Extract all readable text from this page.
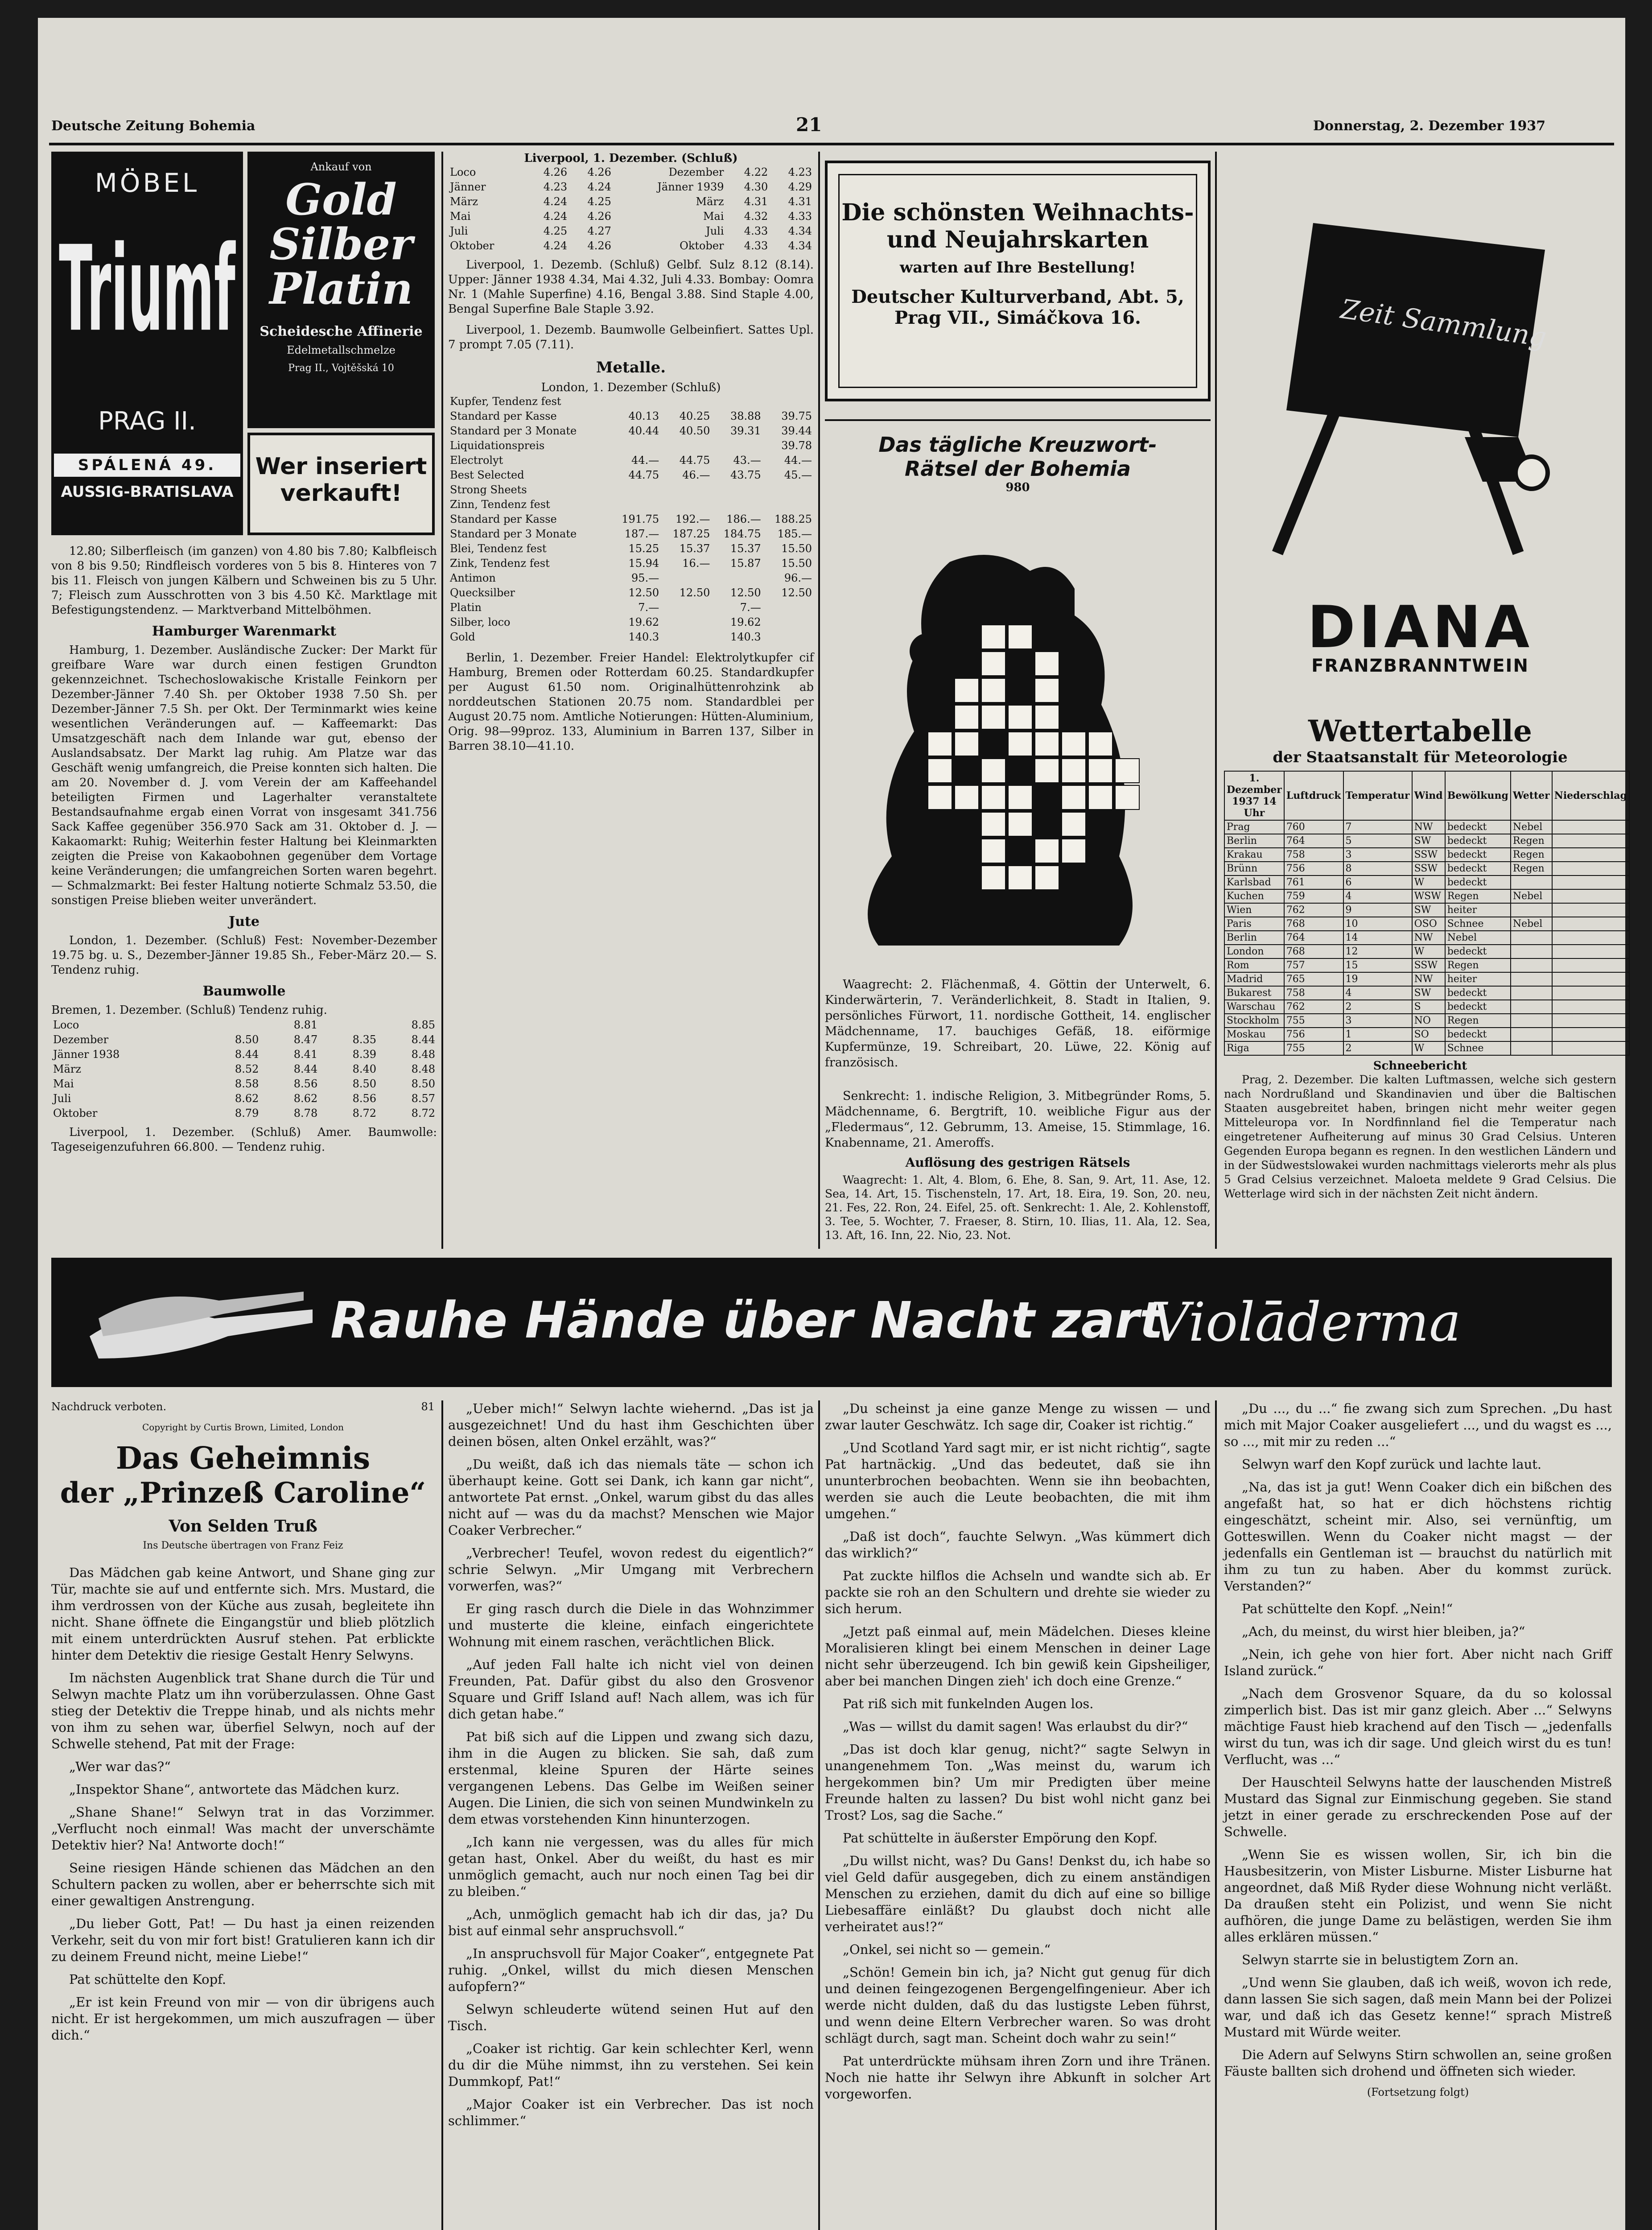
Deutsche Zeitung Bohemia	21	Donnerstag, 2. Dezember 1937
MÖBEL
Triumf
PRAG II.
SPÁLENÁ 49.
AUSSIG-BRATISLAVA
Ankauf von
Gold
Silber
Platin
Scheidesche Affinerie
Edelmetallschmelze
Prag II., Vojtěšská 10
Wer inseriert
verkauft!

12.80; Silberfleisch (im ganzen) von 4.80 bis 7.80; Kalbfleisch von 8 bis 9.50; Rindfleisch vorderes von 5 bis 8. Hinteres von 7 bis 11. Fleisch von jungen Kälbern und Schweinen bis zu 5 Uhr. 7; Fleisch zum Ausschrotten von 3 bis 4.50 Kč. Marktlage mit Befestigungstendenz. — Marktverband Mittelböhmen.

Hamburger Warenmarkt

Hamburg, 1. Dezember. Ausländische Zucker: Der Markt für greifbare Ware war durch einen festigen Grundton gekennzeichnet. Tschechoslowakische Kristalle Feinkorn per Dezember-Jänner 7.40 Sh. per Oktober 1938 7.50 Sh. per Dezember-Jänner 7.5 Sh. per Okt. Der Terminmarkt wies keine wesentlichen Veränderungen auf. — Kaffeemarkt: Das Umsatzgeschäft nach dem Inlande war gut, ebenso der Auslandsabsatz. Der Markt lag ruhig. Am Platze war das Geschäft wenig umfangreich, die Preise konnten sich halten. Die am 20. November d. J. vom Verein der am Kaffeehandel beteiligten Firmen und Lagerhalter veranstaltete Bestandsaufnahme ergab einen Vorrat von insgesamt 341.756 Sack Kaffee gegenüber 356.970 Sack am 31. Oktober d. J. — Kakaomarkt: Ruhig; Weiterhin fester Haltung bei Kleinmarkten zeigten die Preise von Kakaobohnen gegenüber dem Vortage keine Veränderungen; die umfangreichen Sorten waren begehrt. — Schmalzmarkt: Bei fester Haltung notierte Schmalz 53.50, die sonstigen Preise blieben weiter unverändert.

Jute

London, 1. Dezember. (Schluß) Fest: November-Dezember 19.75 bg. u. S., Dezember-Jänner 19.85 Sh., Feber-März 20.— S. Tendenz ruhig.

Baumwolle
Bremen, 1. Dezember. (Schluß) Tendenz ruhig.
Loco		8.81		8.85
Dezember	8.50	8.47	8.35	8.44
Jänner 1938	8.44	8.41	8.39	8.48
März	8.52	8.44	8.40	8.48
Mai	8.58	8.56	8.50	8.50
Juli	8.62	8.62	8.56	8.57
Oktober	8.79	8.78	8.72	8.72

Liverpool, 1. Dezember. (Schluß) Amer. Baumwolle: Tageseigenzufuhren 66.800. — Tendenz ruhig.

Liverpool, 1. Dezember. (Schluß)
Loco	4.26	4.26	Dezember	4.22	4.23
Jänner	4.23	4.24	Jänner 1939	4.30	4.29
März	4.24	4.25	März	4.31	4.31
Mai	4.24	4.26	Mai	4.32	4.33
Juli	4.25	4.27	Juli	4.33	4.34
Oktober	4.24	4.26	Oktober	4.33	4.34

Liverpool, 1. Dezemb. (Schluß) Gelbf. Sulz 8.12 (8.14). Upper: Jänner 1938 4.34, Mai 4.32, Juli 4.33. Bombay: Oomra Nr. 1 (Mahle Superfine) 4.16, Bengal 3.88. Sind Staple 4.00, Bengal Superfine Bale Staple 3.92.

Liverpool, 1. Dezemb. Baumwolle Gelbeinfiert. Sattes Upl. 7 prompt 7.05 (7.11).

Metalle.
London, 1. Dezember (Schluß)
Kupfer, Tendenz fest				
Standard per Kasse	40.13	40.25	38.88	39.75
Standard per 3 Monate	40.44	40.50	39.31	39.44
Liquidationspreis				39.78
Electrolyt	44.—	44.75	43.—	44.—
Best Selected	44.75	46.—	43.75	45.—
Strong Sheets				
Zinn, Tendenz fest				
Standard per Kasse	191.75	192.—	186.—	188.25
Standard per 3 Monate	187.—	187.25	184.75	185.—
Blei, Tendenz fest	15.25	15.37	15.37	15.50
Zink, Tendenz fest	15.94	16.—	15.87	15.50
Antimon	95.—			96.—
Quecksilber	12.50	12.50	12.50	12.50
Platin	7.—		7.—	
Silber, loco	19.62		19.62	
Gold	140.3		140.3	

Berlin, 1. Dezember. Freier Handel: Elektrolytkupfer cif Hamburg, Bremen oder Rotterdam 60.25. Standardkupfer per August 61.50 nom. Originalhüttenrohzink ab norddeutschen Stationen 20.75 nom. Standardblei per August 20.75 nom. Amtliche Notierungen: Hütten-Aluminium, Orig. 98—99proz. 133, Aluminium in Barren 137, Silber in Barren 38.10—41.10.

Die schönsten Weihnachts-
und Neujahrskarten
warten auf Ihre Bestellung!
Deutscher Kulturverband, Abt. 5,
Prag VII., Simáčkova 16.
Das tägliche Kreuzwort-
Rätsel der Bohemia
980

Waagrecht: 2. Flächenmaß, 4. Göttin der Unterwelt, 6. Kinderwärterin, 7. Veränderlichkeit, 8. Stadt in Italien, 9. persönliches Fürwort, 11. nordische Gottheit, 14. englischer Mädchenname, 17. bauchiges Gefäß, 18. eiförmige Kupfermünze, 19. Schreibart, 20. Lüwe, 22. König auf französisch.

Senkrecht: 1. indische Religion, 3. Mitbegründer Roms, 5. Mädchenname, 6. Bergtrift, 10. weibliche Figur aus der „Fledermaus“, 12. Gebrumm, 13. Ameise, 15. Stimmlage, 16. Knabenname, 21. Ameroffs.

Auflösung des gestrigen Rätsels

Waagrecht: 1. Alt, 4. Blom, 6. Ehe, 8. San, 9. Art, 11. Ase, 12. Sea, 14. Art, 15. Tischensteln, 17. Art, 18. Eira, 19. Son, 20. neu, 21. Fes, 22. Ron, 24. Eifel, 25. oft. Senkrecht: 1. Ale, 2. Kohlenstoff, 3. Tee, 5. Wochter, 7. Fraeser, 8. Stirn, 10. Ilias, 11. Ala, 12. Sea, 13. Aft, 16. Inn, 22. Nio, 23. Not.

Zeit Sammlung
DIANA
FRANZBRANNTWEIN
Wettertabelle
der Staatsanstalt für Meteorologie
1. Dezember 1937 14 Uhr	Luftdruck	Temperatur	Wind	Bewölkung	Wetter	Niederschlag
Prag	760	7	NW	bedeckt	Nebel	
Berlin	764	5	SW	bedeckt	Regen	
Krakau	758	3	SSW	bedeckt	Regen	
Brünn	756	8	SSW	bedeckt	Regen	
Karlsbad	761	6	W	bedeckt		
Kuchen	759	4	WSW	Regen	Nebel	
Wien	762	9	SW	heiter		
Paris	768	10	OSO	Schnee	Nebel	
Berlin	764	14	NW	Nebel		
London	768	12	W	bedeckt		
Rom	757	15	SSW	Regen		
Madrid	765	19	NW	heiter		
Bukarest	758	4	SW	bedeckt		
Warschau	762	2	S	bedeckt		
Stockholm	755	3	NO	Regen		
Moskau	756	1	SO	bedeckt		
Riga	755	2	W	Schnee		
Schneebericht

Prag, 2. Dezember. Die kalten Luftmassen, welche sich gestern nach Nordrußland und Skandinavien und über die Baltischen Staaten ausgebreitet haben, bringen nicht mehr weiter gegen Mitteleuropa vor. In Nordfinnland fiel die Temperatur nach eingetretener Aufheiterung auf minus 30 Grad Celsius. Unteren Gegenden Europa begann es regnen. In den westlichen Ländern und in der Südwestslowakei wurden nachmittags vielerorts mehr als plus 5 Grad Celsius verzeichnet. Maloeta meldete 9 Grad Celsius. Die Wetterlage wird sich in der nächsten Zeit nicht ändern.

Rauhe Hände über Nacht zart
Violāderma
Nachdruck verboten.	81
Copyright by Curtis Brown, Limited, London
Das Geheimnis
der „Prinzeß Caroline“
Von Selden Truß
Ins Deutsche übertragen von Franz Feiz

Das Mädchen gab keine Antwort, und Shane ging zur Tür, machte sie auf und entfernte sich. Mrs. Mustard, die ihm verdrossen von der Küche aus zusah, begleitete ihn nicht. Shane öffnete die Eingangstür und blieb plötzlich mit einem unterdrückten Ausruf stehen. Pat erblickte hinter dem Detektiv die riesige Gestalt Henry Selwyns.

Im nächsten Augenblick trat Shane durch die Tür und Selwyn machte Platz um ihn vorüberzulassen. Ohne Gast stieg der Detektiv die Treppe hinab, und als nichts mehr von ihm zu sehen war, überfiel Selwyn, noch auf der Schwelle stehend, Pat mit der Frage:

„Wer war das?“

„Inspektor Shane“, antwortete das Mädchen kurz.

„Shane Shane!“ Selwyn trat in das Vorzimmer. „Verflucht noch einmal! Was macht der unverschämte Detektiv hier? Na! Antworte doch!“

Seine riesigen Hände schienen das Mädchen an den Schultern packen zu wollen, aber er beherrschte sich mit einer gewaltigen Anstrengung.

„Du lieber Gott, Pat! — Du hast ja einen reizenden Verkehr, seit du von mir fort bist! Gratulieren kann ich dir zu deinem Freund nicht, meine Liebe!“

Pat schüttelte den Kopf.

„Er ist kein Freund von mir — von dir übrigens auch nicht. Er ist hergekommen, um mich auszufragen — über dich.“

„Ueber mich!“ Selwyn lachte wiehernd. „Das ist ja ausgezeichnet! Und du hast ihm Geschichten über deinen bösen, alten Onkel erzählt, was?“

„Du weißt, daß ich das niemals täte — schon ich überhaupt keine. Gott sei Dank, ich kann gar nicht“, antwortete Pat ernst. „Onkel, warum gibst du das alles nicht auf — was du da machst? Menschen wie Major Coaker Verbrecher.“

„Verbrecher! Teufel, wovon redest du eigentlich?“ schrie Selwyn. „Mir Umgang mit Verbrechern vorwerfen, was?“

Er ging rasch durch die Diele in das Wohnzimmer und musterte die kleine, einfach eingerichtete Wohnung mit einem raschen, verächtlichen Blick.

„Auf jeden Fall halte ich nicht viel von deinen Freunden, Pat. Dafür gibst du also den Grosvenor Square und Griff Island auf! Nach allem, was ich für dich getan habe.“

Pat biß sich auf die Lippen und zwang sich dazu, ihm in die Augen zu blicken. Sie sah, daß zum erstenmal, kleine Spuren der Härte seines vergangenen Lebens. Das Gelbe im Weißen seiner Augen. Die Linien, die sich von seinen Mundwinkeln zu dem etwas vorstehenden Kinn hinunterzogen.

„Ich kann nie vergessen, was du alles für mich getan hast, Onkel. Aber du weißt, du hast es mir unmöglich gemacht, auch nur noch einen Tag bei dir zu bleiben.“

„Ach, unmöglich gemacht hab ich dir das, ja? Du bist auf einmal sehr anspruchsvoll.“

„In anspruchsvoll für Major Coaker“, entgegnete Pat ruhig. „Onkel, willst du mich diesen Menschen aufopfern?“

Selwyn schleuderte wütend seinen Hut auf den Tisch.

„Coaker ist richtig. Gar kein schlechter Kerl, wenn du dir die Mühe nimmst, ihn zu verstehen. Sei kein Dummkopf, Pat!“

„Major Coaker ist ein Verbrecher. Das ist noch schlimmer.“

„Du scheinst ja eine ganze Menge zu wissen — und zwar lauter Geschwätz. Ich sage dir, Coaker ist richtig.“

„Und Scotland Yard sagt mir, er ist nicht richtig“, sagte Pat hartnäckig. „Und das bedeutet, daß sie ihn ununterbrochen beobachten. Wenn sie ihn beobachten, werden sie auch die Leute beobachten, die mit ihm umgehen.“

„Daß ist doch“, fauchte Selwyn. „Was kümmert dich das wirklich?“

Pat zuckte hilflos die Achseln und wandte sich ab. Er packte sie roh an den Schultern und drehte sie wieder zu sich herum.

„Jetzt paß einmal auf, mein Mädelchen. Dieses kleine Moralisieren klingt bei einem Menschen in deiner Lage nicht sehr überzeugend. Ich bin gewiß kein Gipsheiliger, aber bei manchen Dingen zieh' ich doch eine Grenze.“

Pat riß sich mit funkelnden Augen los.

„Was — willst du damit sagen! Was erlaubst du dir?“

„Das ist doch klar genug, nicht?“ sagte Selwyn in unangenehmem Ton. „Was meinst du, warum ich hergekommen bin? Um mir Predigten über meine Freunde halten zu lassen? Du bist wohl nicht ganz bei Trost? Los, sag die Sache.“

Pat schüttelte in äußerster Empörung den Kopf.

„Du willst nicht, was? Du Gans! Denkst du, ich habe so viel Geld dafür ausgegeben, dich zu einem anständigen Menschen zu erziehen, damit du dich auf eine so billige Liebesaffäre einläßt? Du glaubst doch nicht alle verheiratet aus!?“

„Onkel, sei nicht so — gemein.“

„Schön! Gemein bin ich, ja? Nicht gut genug für dich und deinen feingezogenen Bergengelfingenieur. Aber ich werde nicht dulden, daß du das lustigste Leben führst, und wenn deine Eltern Verbrecher waren. So was droht schlägt durch, sagt man. Scheint doch wahr zu sein!“

Pat unterdrückte mühsam ihren Zorn und ihre Tränen. Noch nie hatte ihr Selwyn ihre Abkunft in solcher Art vorgeworfen.

„Du ..., du ...“ fie zwang sich zum Sprechen. „Du hast mich mit Major Coaker ausgeliefert ..., und du wagst es ..., so ..., mit mir zu reden ...“

Selwyn warf den Kopf zurück und lachte laut.

„Na, das ist ja gut! Wenn Coaker dich ein bißchen des angefaßt hat, so hat er dich höchstens richtig eingeschätzt, scheint mir. Also, sei vernünftig, um Gotteswillen. Wenn du Coaker nicht magst — der jedenfalls ein Gentleman ist — brauchst du natürlich mit ihm zu tun zu haben. Aber du kommst zurück. Verstanden?“

Pat schüttelte den Kopf. „Nein!“

„Ach, du meinst, du wirst hier bleiben, ja?“

„Nein, ich gehe von hier fort. Aber nicht nach Griff Island zurück.“

„Nach dem Grosvenor Square, da du so kolossal zimperlich bist. Das ist mir ganz gleich. Aber ...“ Selwyns mächtige Faust hieb krachend auf den Tisch — „jedenfalls wirst du tun, was ich dir sage. Und gleich wirst du es tun! Verflucht, was ...“

Der Hauschteil Selwyns hatte der lauschenden Mistreß Mustard das Signal zur Einmischung gegeben. Sie stand jetzt in einer gerade zu erschreckenden Pose auf der Schwelle.

„Wenn Sie es wissen wollen, Sir, ich bin die Hausbesitzerin, von Mister Lisburne. Mister Lisburne hat angeordnet, daß Miß Ryder diese Wohnung nicht verläßt. Da draußen steht ein Polizist, und wenn Sie nicht aufhören, die junge Dame zu belästigen, werden Sie ihm alles erklären müssen.“

Selwyn starrte sie in belustigtem Zorn an.

„Und wenn Sie glauben, daß ich weiß, wovon ich rede, dann lassen Sie sich sagen, daß mein Mann bei der Polizei war, und daß ich das Gesetz kenne!“ sprach Mistreß Mustard mit Würde weiter.

Die Adern auf Selwyns Stirn schwollen an, seine großen Fäuste ballten sich drohend und öffneten sich wieder.

(Fortsetzung folgt)
